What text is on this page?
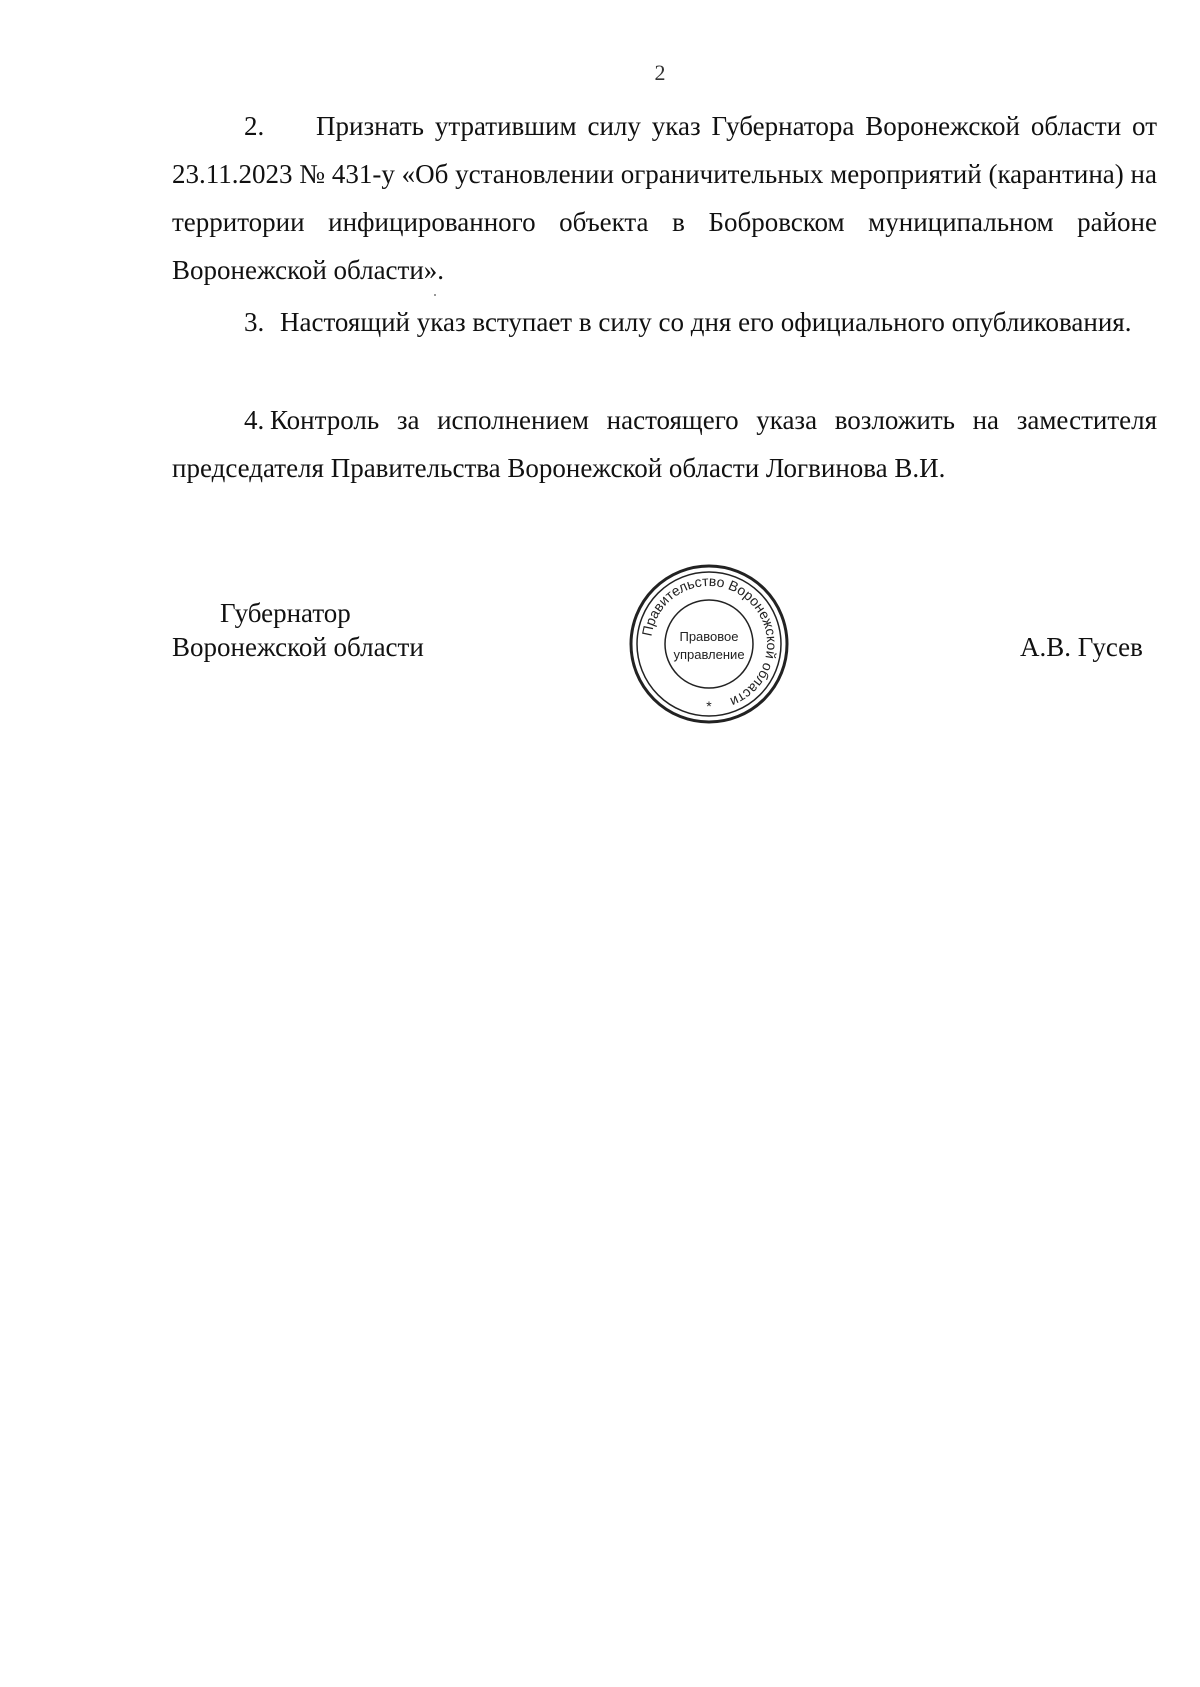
2

2. Признать утратившим силу указ Губернатора Воронежской области от 23.11.2023 № 431-у «Об установлении ограничительных мероприятий (карантина) на территории инфицированного объекта в Бобровском муниципальном районе Воронежской области».

3. Настоящий указ вступает в силу со дня его официального опубликования.

4. Контроль за исполнением настоящего указа возложить на заместителя председателя Правительства Воронежской области Логвинова В.И.

Губернатор
Воронежской области
Правительство Воронежской области
Правовое
управление
*
А.В. Гусев
